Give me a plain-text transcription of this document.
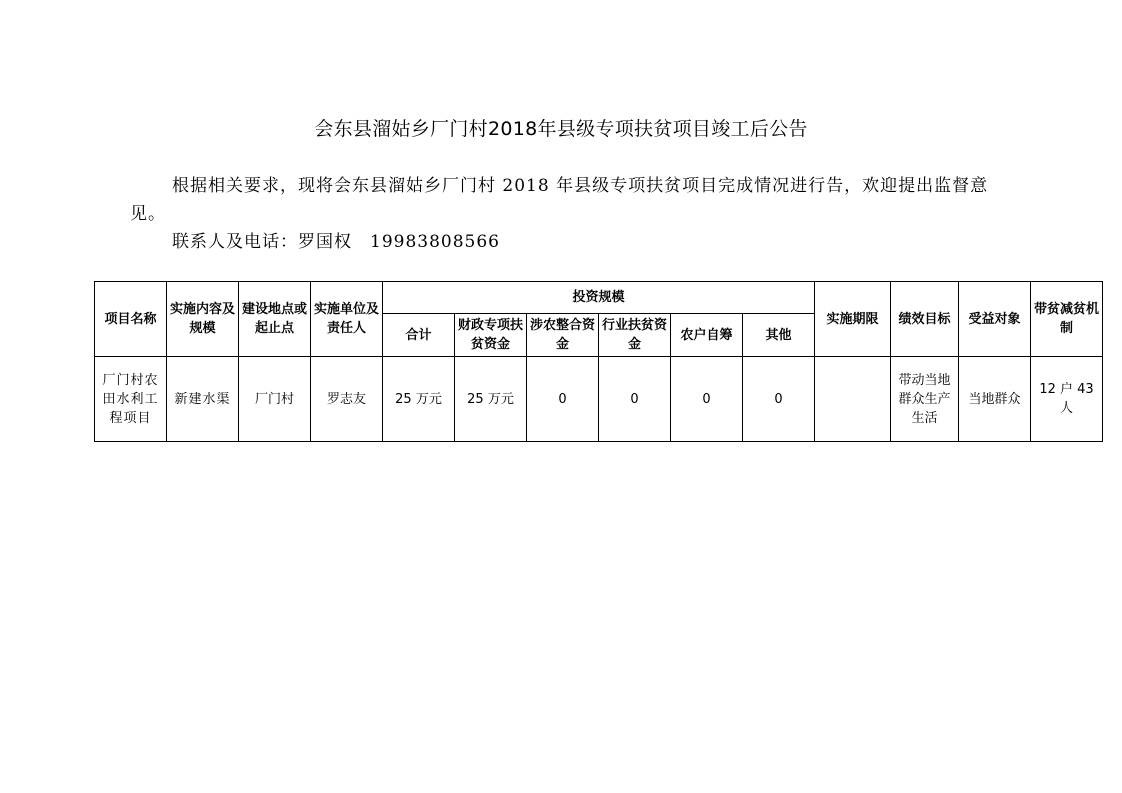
会东县溜姑乡厂门村2018年县级专项扶贫项目竣工后公告
根据相关要求，现将会东县溜姑乡厂门村 2018 年县级专项扶贫项目完成情况进行告，欢迎提出监督意见。
联系人及电话：罗国权 19983808566
项目名称	实施内容及规模	建设地点或起止点	实施单位及责任人	投资规模						实施期限	绩效目标	受益对象	带贫减贫机制
				合计	财政专项扶贫资金	涉农整合资金	行业扶贫资金	农户自筹	其他				
厂门村农田水利工程项目	新建水渠	厂门村	罗志友	25 万元	25 万元	0	0	0	0		带动当地群众生产生活	当地群众	12 户 43 人
